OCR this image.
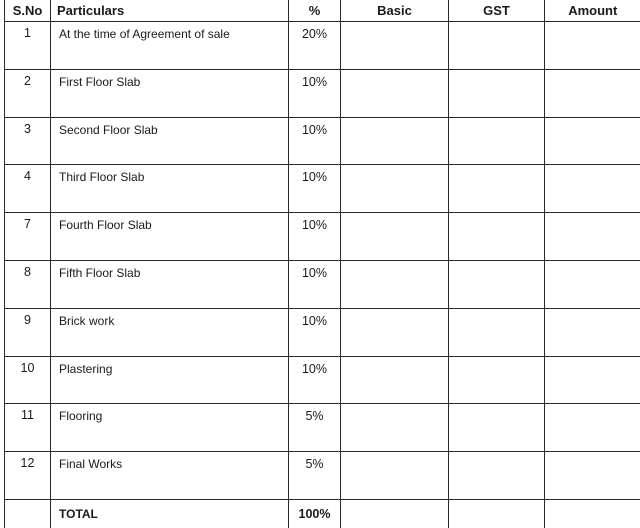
S.No	Particulars	%	Basic	GST	Amount
1	At the time of Agreement of sale	20%			
2	First Floor Slab	10%			
3	Second Floor Slab	10%			
4	Third Floor Slab	10%			
7	Fourth Floor Slab	10%			
8	Fifth Floor Slab	10%			
9	Brick work	10%			
10	Plastering	10%			
11	Flooring	5%			
12	Final Works	5%			
	TOTAL	100%			
